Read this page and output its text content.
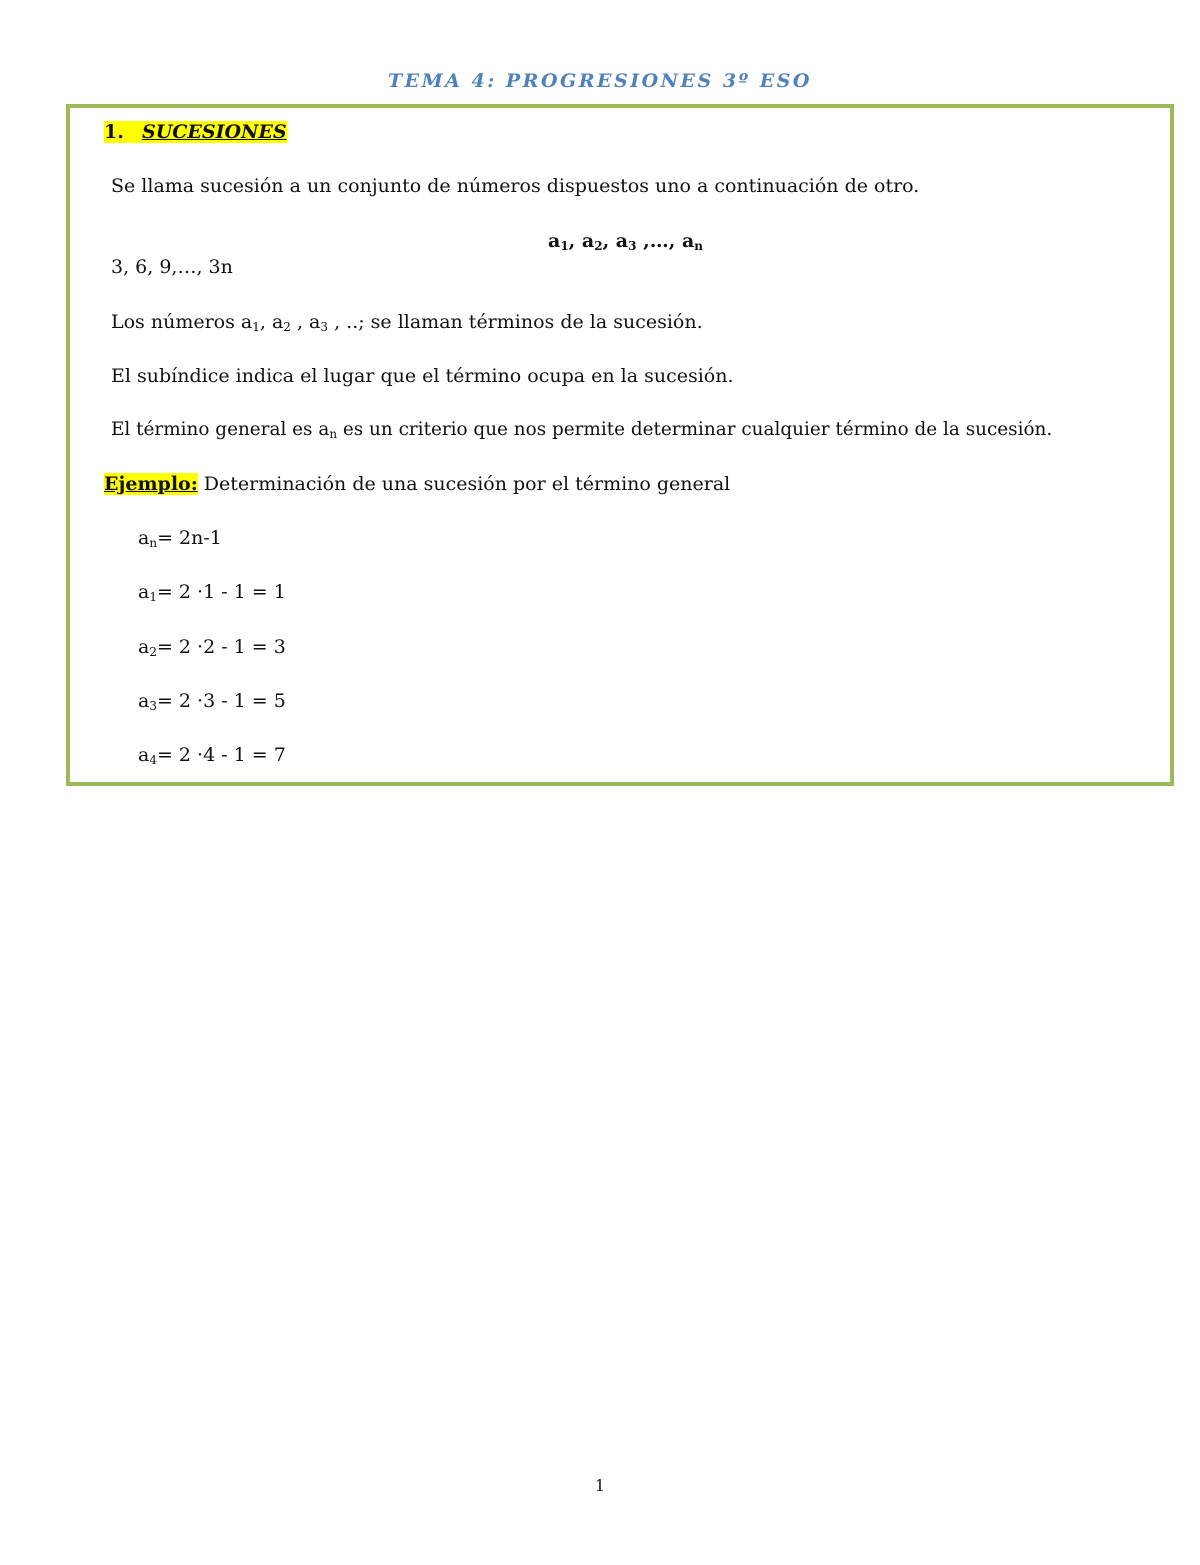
TEMA 4: PROGRESIONES 3º ESO
1. SUCESIONES
Se llama sucesión a un conjunto de números dispuestos uno a continuación de otro.
$a_1$, $a_2$, $a_3$ ,…, $a_n$
3, 6, 9,…, 3n
Los números $a_1$, $a_2$ , $a_3$ , ..; se llaman términos de la sucesión.
El subíndice indica el lugar que el término ocupa en la sucesión.
El término general es $a_n$ es un criterio que nos permite determinar cualquier término de la sucesión.
Ejemplo: Determinación de una sucesión por el término general
$a_n= 2n-1$
$a_1= 2 \cdot 1 - 1 = 1$
$a_2= 2 \cdot 2 - 1 = 3$
$a_3= 2 \cdot 3 - 1 = 5$
$a_4= 2 \cdot 4 - 1 = 7$
1
